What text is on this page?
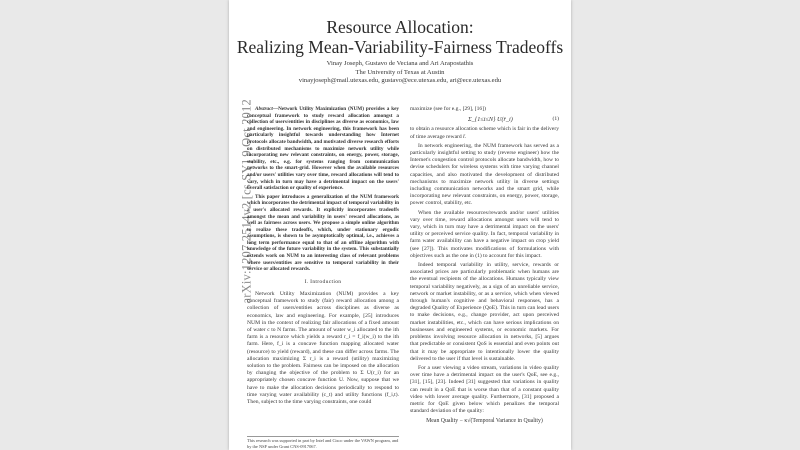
arXiv:1207.2514v2 [cs.SY] 9 Oct 2012
Resource Allocation:
Realizing Mean-Variability-Fairness Tradeoffs
Vinay Joseph, Gustavo de Veciana and Ari Arapostathis
The University of Texas at Austin
vinayjoseph@mail.utexas.edu, gustavo@ece.utexas.edu, ari@ece.utexas.edu

Abstract—Network Utility Maximization (NUM) provides a key conceptual framework to study reward allocation amongst a collection of users/entities in disciplines as diverse as economics, law and engineering. In network engineering, this framework has been particularly insightful towards understanding how Internet protocols allocate bandwidth, and motivated diverse research efforts on distributed mechanisms to maximize network utility while incorporating new relevant constraints, on energy, power, storage, stability, etc., e.g. for systems ranging from communication networks to the smart-grid. However when the available resources and/or users' utilities vary over time, reward allocations will tend to vary, which in turn may have a detrimental impact on the users' overall satisfaction or quality of experience.

This paper introduces a generalization of the NUM framework which incorporates the detrimental impact of temporal variability in a user's allocated rewards. It explicitly incorporates tradeoffs amongst the mean and variability in users' reward allocations, as well as fairness across users. We propose a simple online algorithm to realize these tradeoffs, which, under stationary ergodic assumptions, is shown to be asymptotically optimal, i.e., achieves a long term performance equal to that of an offline algorithm with knowledge of the future variability in the system. This substantially extends work on NUM to an interesting class of relevant problems where users/entities are sensitive to temporal variability in their service or allocated rewards.

I. Introduction

Network Utility Maximization (NUM) provides a key conceptual framework to study (fair) reward allocation among a collection of users/entities across disciplines as diverse as economics, law and engineering. For example, [25] introduces NUM in the context of realizing fair allocations of a fixed amount of water c to N farms. The amount of water w_i allocated to the ith farm is a resource which yields a reward r_i = f_i(w_i) to the ith farm. Here, f_i is a concave function mapping allocated water (resource) to yield (reward), and these can differ across farms. The allocation maximizing Σ r_i is a reward (utility) maximizing solution to the problem. Fairness can be imposed on the allocation by changing the objective of the problem to Σ U(r_i) for an appropriately chosen concave function U. Now, suppose that we have to make the allocation decisions periodically to respond to time varying water availability (c_t) and utility functions (f_i,t). Then, subject to the time varying constraints, one could

This research was supported in part by Intel and Cisco under the VAWN program, and by the NSF under Grant CNS-0917067.

maximize (see for e.g., [29], [16])

Σ_{1≤i≤N} U(r̄_i)	(1)

to obtain a resource allocation scheme which is fair in the delivery of time average reward r̄.

In network engineering, the NUM framework has served as a particularly insightful setting to study (reverse engineer) how the Internet's congestion control protocols allocate bandwidth, how to devise schedulers for wireless systems with time varying channel capacities, and also motivated the development of distributed mechanisms to maximize network utility in diverse settings including communication networks and the smart grid, while incorporating new relevant constraints, on energy, power, storage, power control, stability, etc.

When the available resources/rewards and/or users' utilities vary over time, reward allocations amongst users will tend to vary, which in turn may have a detrimental impact on the users' utility or perceived service quality. In fact, temporal variability in farm water availability can have a negative impact on crop yield (see [27]). This motivates modifications of formulations with objectives such as the one in (1) to account for this impact.

Indeed temporal variability in utility, service, rewards or associated prices are particularly problematic when humans are the eventual recipients of the allocations. Humans typically view temporal variability negatively, as a sign of an unreliable service, network or market instability, or as a service, which when viewed through human's cognitive and behavioral responses, has a degraded Quality of Experience (QoE). This in turn can lead users to make decisions, e.g., change provider, act upon perceived market instabilities, etc., which can have serious implications on businesses and engineered systems, or economic markets. For problems involving resource allocation in networks, [5] argues that predictable or consistent QoS is essential and even points out that it may be appropriate to intentionally lower the quality delivered to the user if that level is sustainable.

For a user viewing a video stream, variations in video quality over time have a detrimental impact on the user's QoE, see e.g., [31], [15], [23]. Indeed [31] suggested that variations in quality can result in a QoE that is worse than that of a constant quality video with lower average quality. Furthermore, [31] proposed a metric for QoE given below which penalizes the temporal standard deviation of the quality:

Mean Quality − κ√(Temporal Variance in Quality)
